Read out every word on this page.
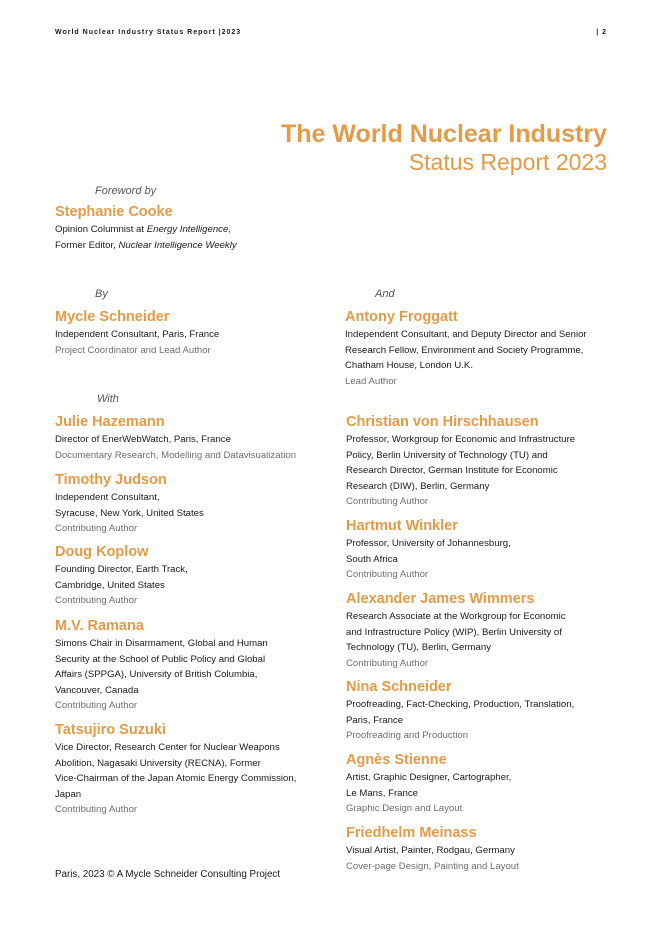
World Nuclear Industry Status Report |2023	| 2
The World Nuclear Industry
Status Report 2023
Foreword by
Stephanie Cooke
Opinion Columnist at Energy Intelligence,
Former Editor, Nuclear Intelligence Weekly
By	And
Mycle Schneider
Independent Consultant, Paris, France
Project Coordinator and Lead Author
Antony Froggatt
Independent Consultant, and Deputy Director and Senior
Research Fellow, Environment and Society Programme,
Chatham House, London U.K.
Lead Author
With
Julie Hazemann
Director of EnerWebWatch, Paris, France
Documentary Research, Modelling and Datavisualization
Timothy Judson
Independent Consultant,
Syracuse, New York, United States
Contributing Author
Doug Koplow
Founding Director, Earth Track,
Cambridge, United States
Contributing Author
M.V. Ramana
Simons Chair in Disarmament, Global and Human
Security at the School of Public Policy and Global
Affairs (SPPGA), University of British Columbia,
Vancouver, Canada
Contributing Author
Tatsujiro Suzuki
Vice Director, Research Center for Nuclear Weapons
Abolition, Nagasaki University (RECNA), Former
Vice-Chairman of the Japan Atomic Energy Commission,
Japan
Contributing Author
Christian von Hirschhausen
Professor, Workgroup for Economic and Infrastructure
Policy, Berlin University of Technology (TU) and
Research Director, German Institute for Economic
Research (DIW), Berlin, Germany
Contributing Author
Hartmut Winkler
Professor, University of Johannesburg,
South Africa
Contributing Author
Alexander James Wimmers
Research Associate at the Workgroup for Economic
and Infrastructure Policy (WIP), Berlin University of
Technology (TU), Berlin, Germany
Contributing Author
Nina Schneider
Proofreading, Fact-Checking, Production, Translation,
Paris, France
Proofreading and Production
Agnès Stienne
Artist, Graphic Designer, Cartographer,
Le Mans, France
Graphic Design and Layout
Friedhelm Meinass
Visual Artist, Painter, Rodgau, Germany
Cover-page Design, Painting and Layout
Paris, 2023 © A Mycle Schneider Consulting Project
